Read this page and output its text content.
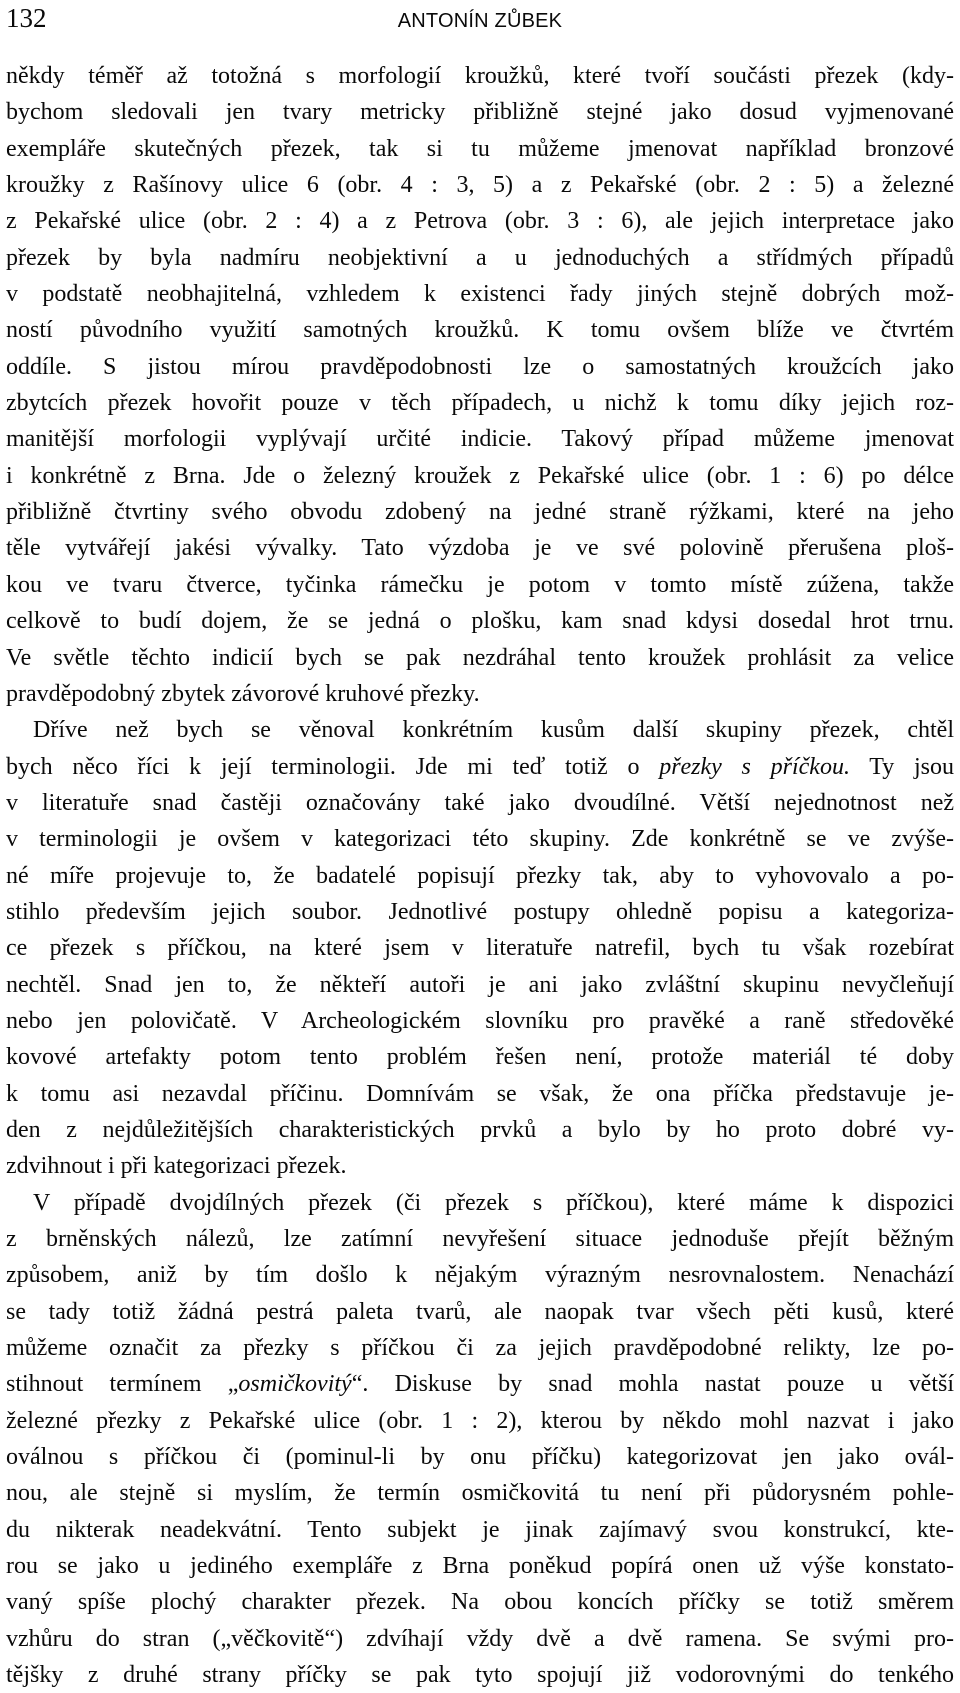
132	ANTONÍN ZŮBEK
někdy téměř až totožná s morfologií kroužků, které tvoří součásti přezek (kdy-
bychom sledovali jen tvary metricky přibližně stejné jako dosud vyjmenované
exempláře skutečných přezek, tak si tu můžeme jmenovat například bronzové
kroužky z Rašínovy ulice 6 (obr. 4 : 3, 5) a z Pekařské (obr. 2 : 5) a železné
z Pekařské ulice (obr. 2 : 4) a z Petrova (obr. 3 : 6), ale jejich interpretace jako
přezek by byla nadmíru neobjektivní a u jednoduchých a střídmých případů
v podstatě neobhajitelná, vzhledem k existenci řady jiných stejně dobrých mož-
ností původního využití samotných kroužků. K tomu ovšem blíže ve čtvrtém
oddíle. S jistou mírou pravděpodobnosti lze o samostatných kroužcích jako
zbytcích přezek hovořit pouze v těch případech, u nichž k tomu díky jejich roz-
manitější morfologii vyplývají určité indicie. Takový případ můžeme jmenovat
i konkrétně z Brna. Jde o železný kroužek z Pekařské ulice (obr. 1 : 6) po délce
přibližně čtvrtiny svého obvodu zdobený na jedné straně rýžkami, které na jeho
těle vytvářejí jakési vývalky. Tato výzdoba je ve své polovině přerušena ploš-
kou ve tvaru čtverce, tyčinka rámečku je potom v tomto místě zúžena, takže
celkově to budí dojem, že se jedná o plošku, kam snad kdysi dosedal hrot trnu.
Ve světle těchto indicií bych se pak nezdráhal tento kroužek prohlásit za velice
pravděpodobný zbytek závorové kruhové přezky.
Dříve než bych se věnoval konkrétním kusům další skupiny přezek, chtěl
bych něco říci k její terminologii. Jde mi teď totiž o přezky s příčkou. Ty jsou
v literatuře snad častěji označovány také jako dvoudílné. Větší nejednotnost než
v terminologii je ovšem v kategorizaci této skupiny. Zde konkrétně se ve zvýše-
né míře projevuje to, že badatelé popisují přezky tak, aby to vyhovovalo a po-
stihlo především jejich soubor. Jednotlivé postupy ohledně popisu a kategoriza-
ce přezek s příčkou, na které jsem v literatuře natrefil, bych tu však rozebírat
nechtěl. Snad jen to, že někteří autoři je ani jako zvláštní skupinu nevyčleňují
nebo jen polovičatě. V Archeologickém slovníku pro pravěké a raně středověké
kovové artefakty potom tento problém řešen není, protože materiál té doby
k tomu asi nezavdal příčinu. Domnívám se však, že ona příčka představuje je-
den z nejdůležitějších charakteristických prvků a bylo by ho proto dobré vy-
zdvihnout i při kategorizaci přezek.
V případě dvojdílných přezek (či přezek s příčkou), které máme k dispozici
z brněnských nálezů, lze zatímní nevyřešení situace jednoduše přejít běžným
způsobem, aniž by tím došlo k nějakým výrazným nesrovnalostem. Nenachází
se tady totiž žádná pestrá paleta tvarů, ale naopak tvar všech pěti kusů, které
můžeme označit za přezky s příčkou či za jejich pravděpodobné relikty, lze po-
stihnout termínem „osmičkovitý“. Diskuse by snad mohla nastat pouze u větší
železné přezky z Pekařské ulice (obr. 1 : 2), kterou by někdo mohl nazvat i jako
oválnou s příčkou či (pominul-li by onu příčku) kategorizovat jen jako ovál-
nou, ale stejně si myslím, že termín osmičkovitá tu není při půdorysném pohle-
du nikterak neadekvátní. Tento subjekt je jinak zajímavý svou konstrukcí, kte-
rou se jako u jediného exempláře z Brna poněkud popírá onen už výše konstato-
vaný spíše plochý charakter přezek. Na obou koncích příčky se totiž směrem
vzhůru do stran („věčkovitě“) zdvíhají vždy dvě a dvě ramena. Se svými pro-
tějšky z druhé strany příčky se pak tyto spojují již vodorovnými do tenkého
